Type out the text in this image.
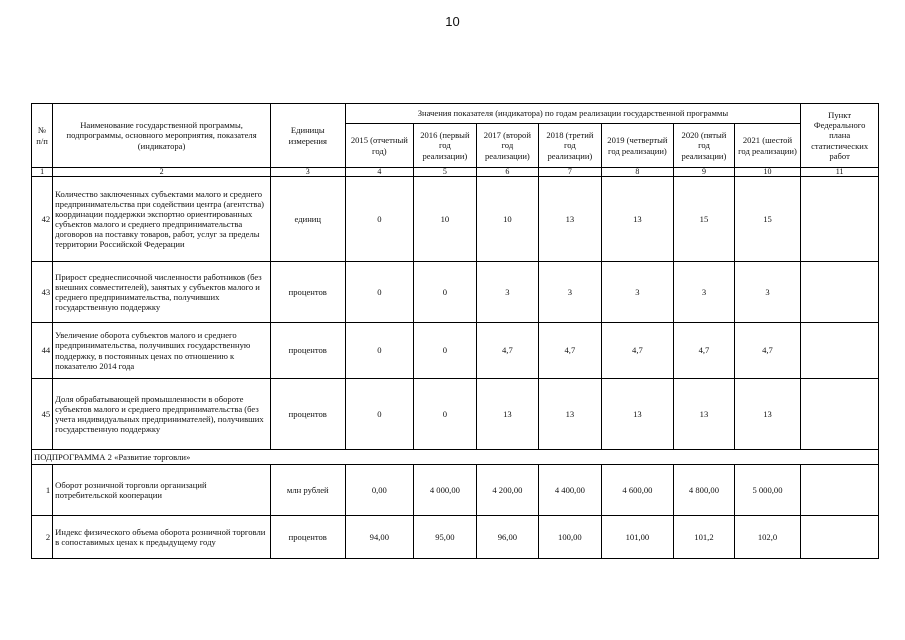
10
№ п/п	Наименование государственной программы, подпрограммы, основного мероприятия, показателя (индикатора)	Единицы измерения	Значения показателя (индикатора) по годам реализации государственной программы							Пункт Федерального плана статистических работ
			2015 (отчетный год)	2016 (первый год реализации)	2017 (второй год реализации)	2018 (третий год реализации)	2019 (четвертый год реализации)	2020 (пятый год реализации)	2021 (шестой год реализации)	
1	2	3	4	5	6	7	8	9	10	11
42	Количество заключенных субъектами малого и среднего предпринимательства при содействии центра (агентства) координации поддержки экспортно ориентированных субъектов малого и среднего предпринимательства договоров на поставку товаров, работ, услуг за пределы территории Российской Федерации	единиц	0	10	10	13	13	15	15	
43	Прирост среднесписочной численности работников (без внешних совместителей), занятых у субъектов малого и среднего предпринимательства, получивших государственную поддержку	процентов	0	0	3	3	3	3	3	
44	Увеличение оборота субъектов малого и среднего предпринимательства, получивших государственную поддержку, в постоянных ценах по отношению к показателю 2014 года	процентов	0	0	4,7	4,7	4,7	4,7	4,7	
45	Доля обрабатывающей промышленности в обороте субъектов малого и среднего предпринимательства (без учета индивидуальных предпринимателей), получивших государственную поддержку	процентов	0	0	13	13	13	13	13	
ПОДПРОГРАММА 2 «Развитие торговли»										
1	Оборот розничной торговли организаций потребительской кооперации	млн рублей	0,00	4 000,00	4 200,00	4 400,00	4 600,00	4 800,00	5 000,00	
2	Индекс физического объема оборота розничной торговли в сопоставимых ценах к предыдущему году	процентов	94,00	95,00	96,00	100,00	101,00	101,2	102,0	
